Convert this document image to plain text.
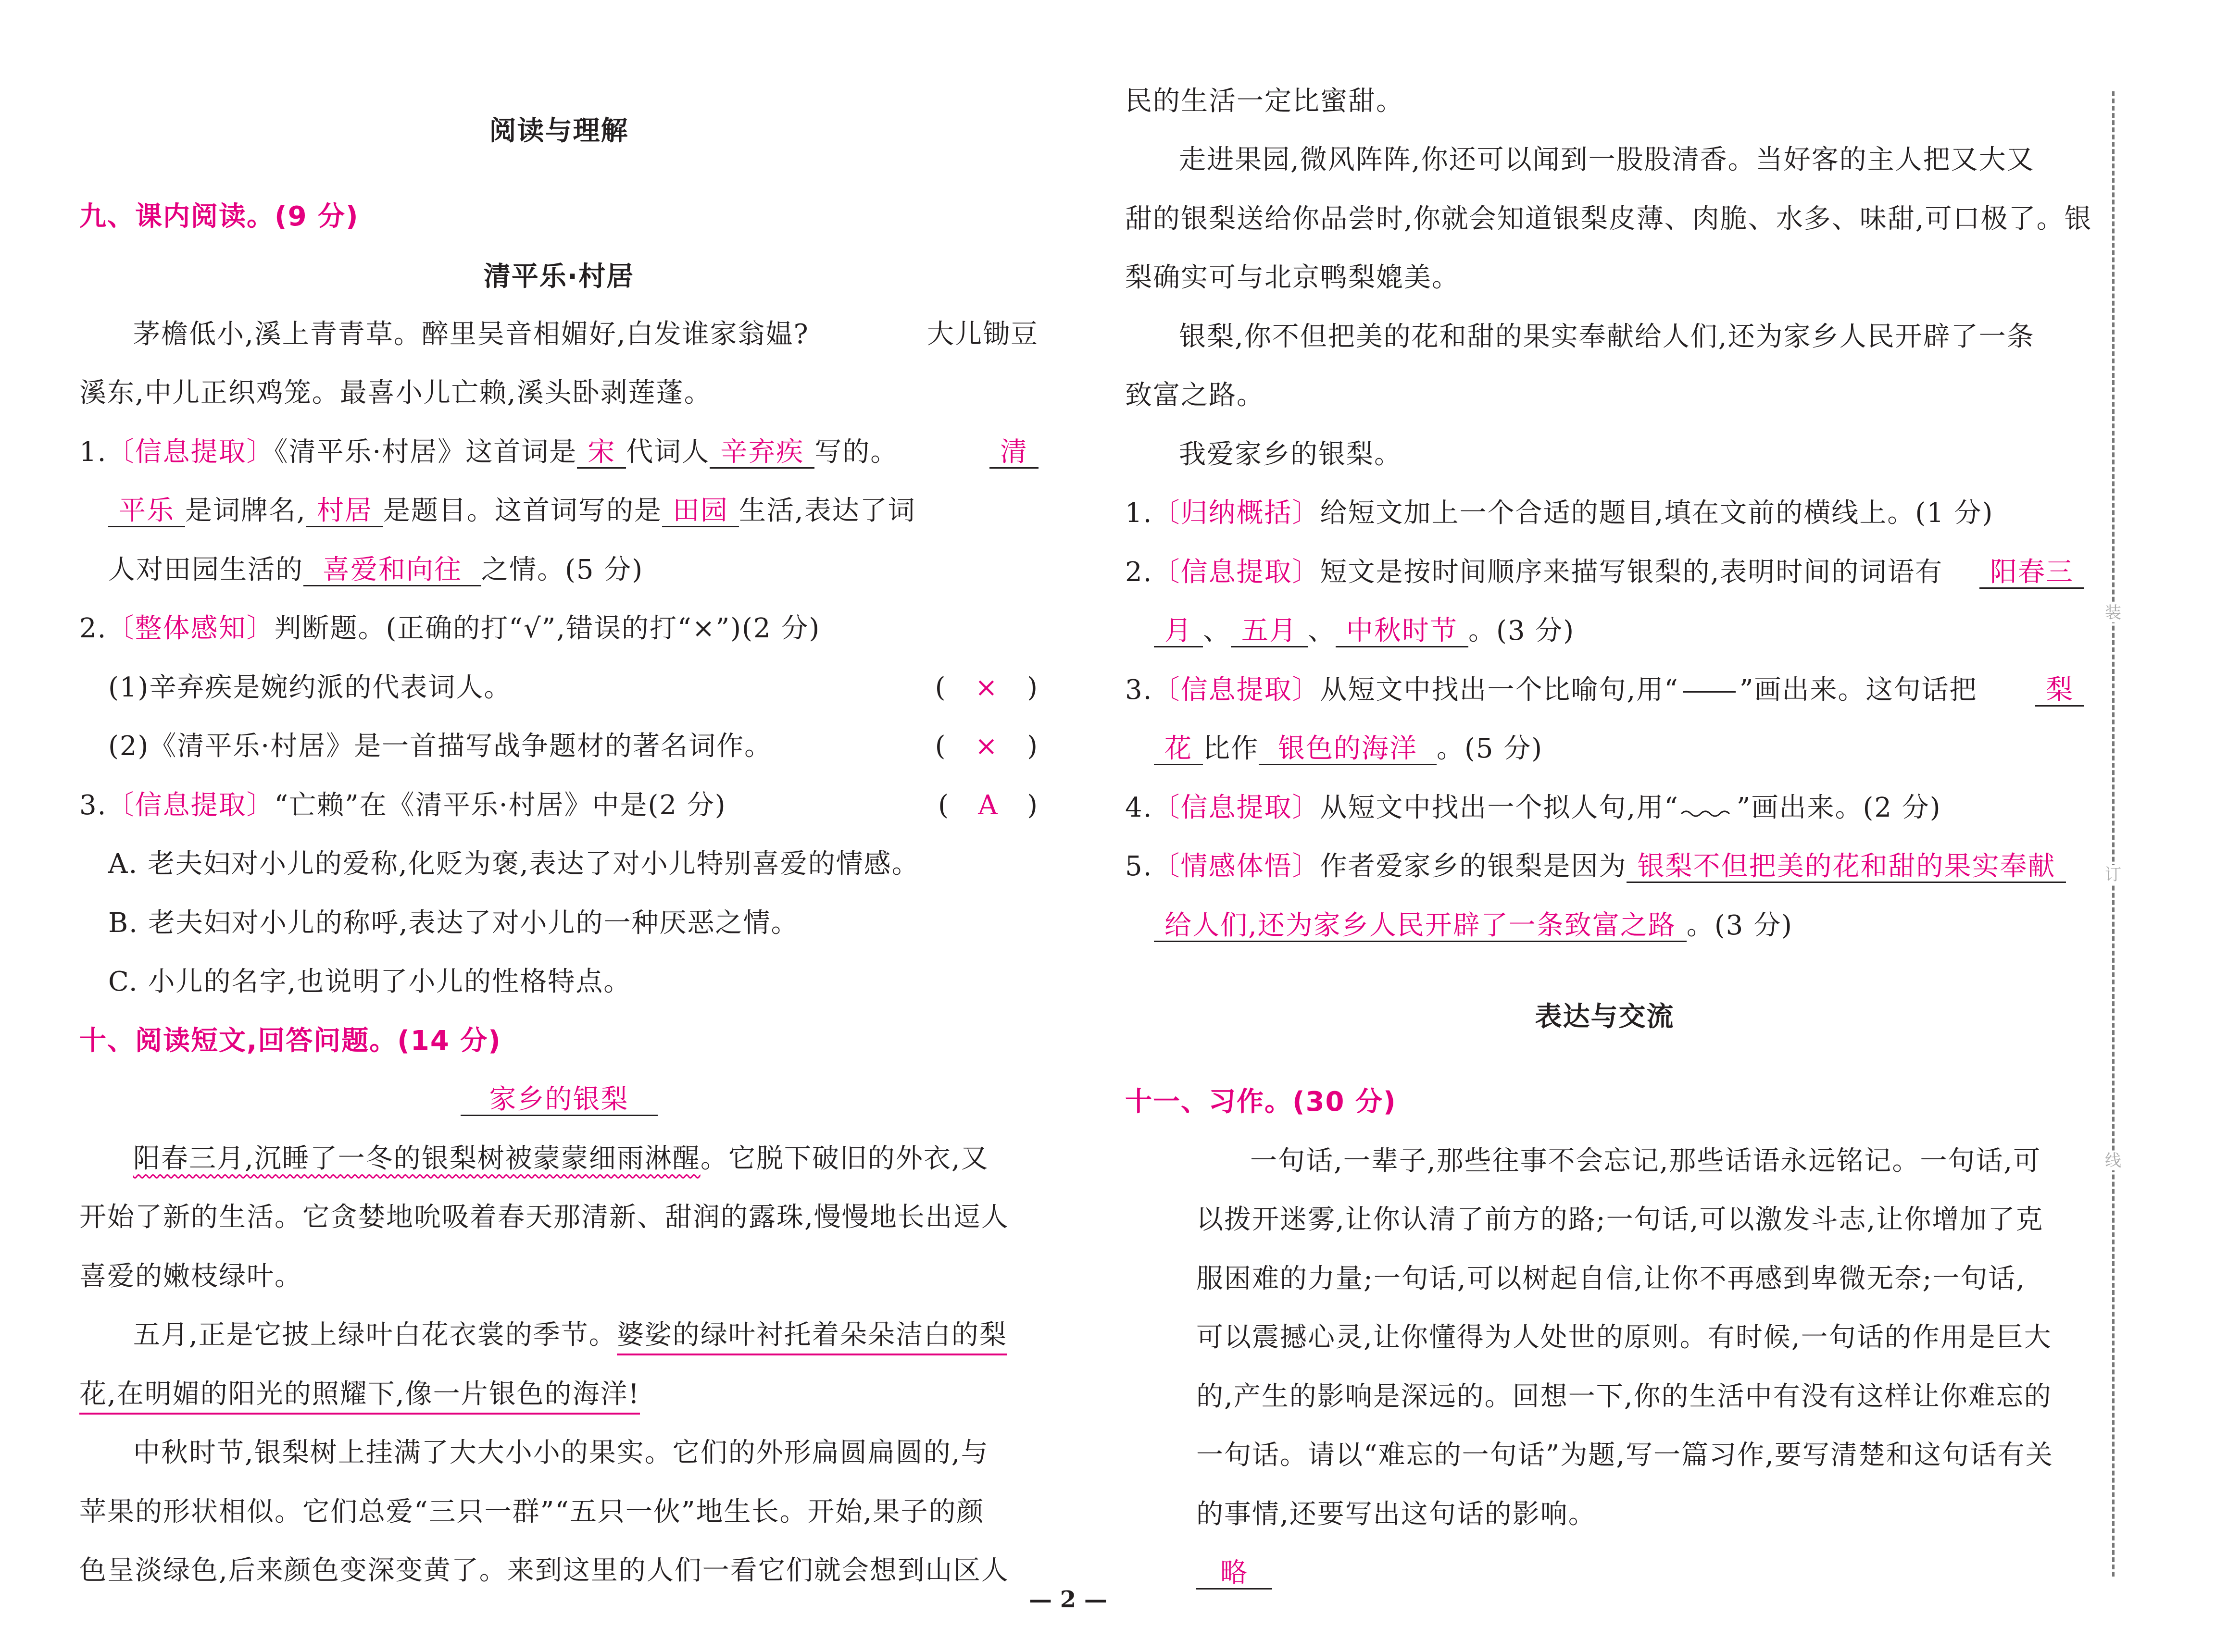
阅读与理解
九、课内阅读。(9 分)
清平乐·村居
茅檐低小,溪上青青草。醉里吴音相媚好,白发谁家翁媪?	大儿锄豆
溪东,中儿正织鸡笼。最喜小儿亡赖,溪头卧剥莲蓬。
1.〔信息提取〕《清平乐·村居》这首词是 宋 代词人 辛弃疾 写的。	清
平乐 是词牌名, 村居 是题目。这首词写的是 田园 生活,表达了词
人对田园生活的 喜爱和向往 之情。(5 分)
2.〔整体感知〕判断题。(正确的打“√”,错误的打“×”)(2 分)
(1)辛弃疾是婉约派的代表词人。	(   ×   )
(2)《清平乐·村居》是一首描写战争题材的著名词作。	(   ×   )
3.〔信息提取〕“亡赖”在《清平乐·村居》中是(2 分)	(   A   )
A. 老夫妇对小儿的爱称,化贬为褒,表达了对小儿特别喜爱的情感。
B. 老夫妇对小儿的称呼,表达了对小儿的一种厌恶之情。
C. 小儿的名字,也说明了小儿的性格特点。
十、阅读短文,回答问题。(14 分)
家乡的银梨
阳春三月,沉睡了一冬的银梨树被蒙蒙细雨淋醒。它脱下破旧的外衣,又
开始了新的生活。它贪婪地吮吸着春天那清新、甜润的露珠,慢慢地长出逗人
喜爱的嫩枝绿叶。
五月,正是它披上绿叶白花衣裳的季节。婆娑的绿叶衬托着朵朵洁白的梨
花,在明媚的阳光的照耀下,像一片银色的海洋!
中秋时节,银梨树上挂满了大大小小的果实。它们的外形扁圆扁圆的,与
苹果的形状相似。它们总爱“三只一群”“五只一伙”地生长。开始,果子的颜
色呈淡绿色,后来颜色变深变黄了。来到这里的人们一看它们就会想到山区人
民的生活一定比蜜甜。
走进果园,微风阵阵,你还可以闻到一股股清香。当好客的主人把又大又
甜的银梨送给你品尝时,你就会知道银梨皮薄、肉脆、水多、味甜,可口极了。银
梨确实可与北京鸭梨媲美。
银梨,你不但把美的花和甜的果实奉献给人们,还为家乡人民开辟了一条
致富之路。
我爱家乡的银梨。
1.〔归纳概括〕给短文加上一个合适的题目,填在文前的横线上。(1 分)
2.〔信息提取〕短文是按时间顺序来描写银梨的,表明时间的词语有	阳春三
月 、 五月 、 中秋时节 。(3 分)
3.〔信息提取〕从短文中找出一个比喻句,用“ ”画出来。这句话把	梨
花 比作 银色的海洋 。(5 分)
4.〔信息提取〕从短文中找出一个拟人句,用“ ”画出来。(2 分)
5.〔情感体悟〕作者爱家乡的银梨是因为 银梨不但把美的花和甜的果实奉献
给人们,还为家乡人民开辟了一条致富之路 。(3 分)
表达与交流
十一、习作。(30 分)
一句话,一辈子,那些往事不会忘记,那些话语永远铭记。一句话,可
以拨开迷雾,让你认清了前方的路;一句话,可以激发斗志,让你增加了克
服困难的力量;一句话,可以树起自信,让你不再感到卑微无奈;一句话,
可以震撼心灵,让你懂得为人处世的原则。有时候,一句话的作用是巨大
的,产生的影响是深远的。回想一下,你的生活中有没有这样让你难忘的
一句话。请以“难忘的一句话”为题,写一篇习作,要写清楚和这句话有关
的事情,还要写出这句话的影响。
略
装
订
线
— 2 —
